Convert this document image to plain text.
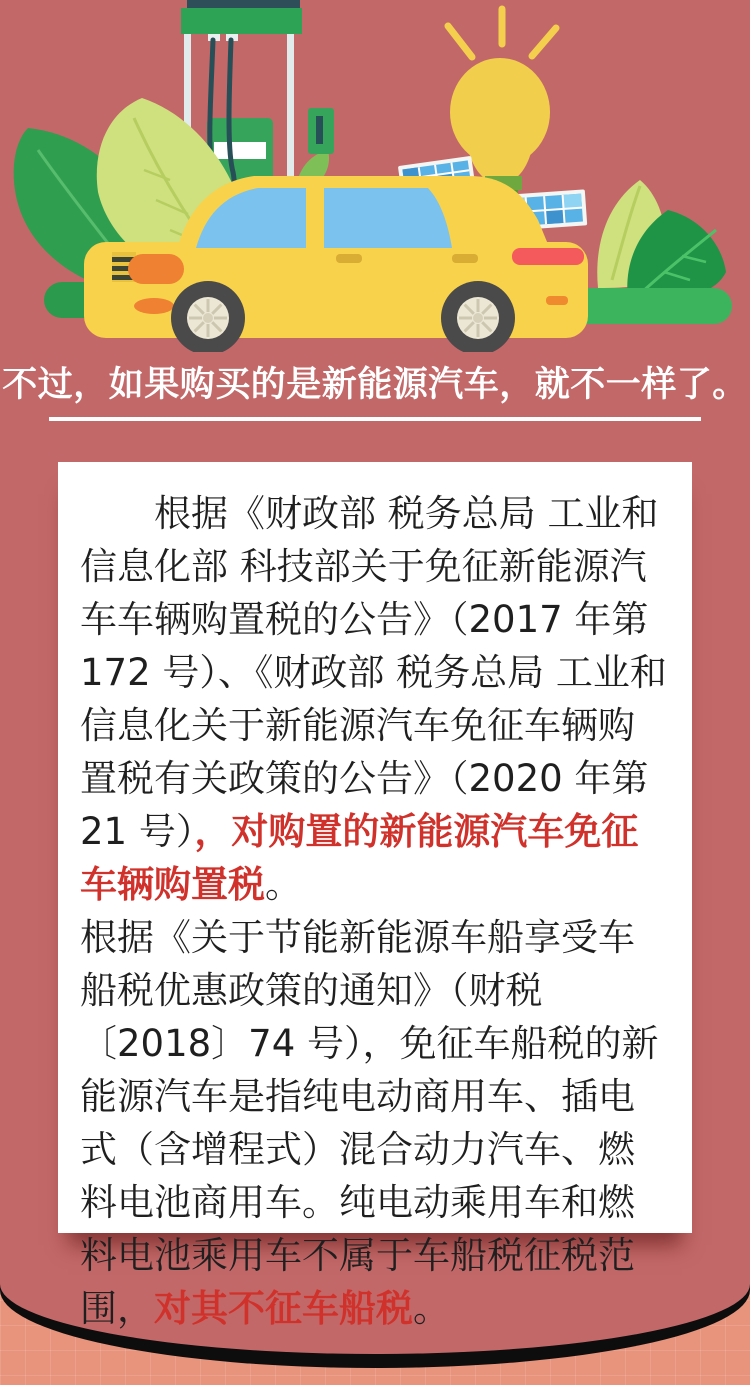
不过，如果购买的是新能源汽车，就不一样了。

根据《财政部 税务总局 工业和信息化部 科技部关于免征新能源汽车车辆购置税的公告》（2017 年第 172 号）、《财政部 税务总局 工业和信息化关于新能源汽车免征车辆购置税有关政策的公告》（2020 年第 21 号），对购置的新能源汽车免征车辆购置税。

根据《关于节能新能源车船享受车船税优惠政策的通知》（财税〔2018〕74 号），免征车船税的新能源汽车是指纯电动商用车、插电式（含增程式）混合动力汽车、燃料电池商用车。纯电动乘用车和燃料电池乘用车不属于车船税征税范围，对其不征车船税。
